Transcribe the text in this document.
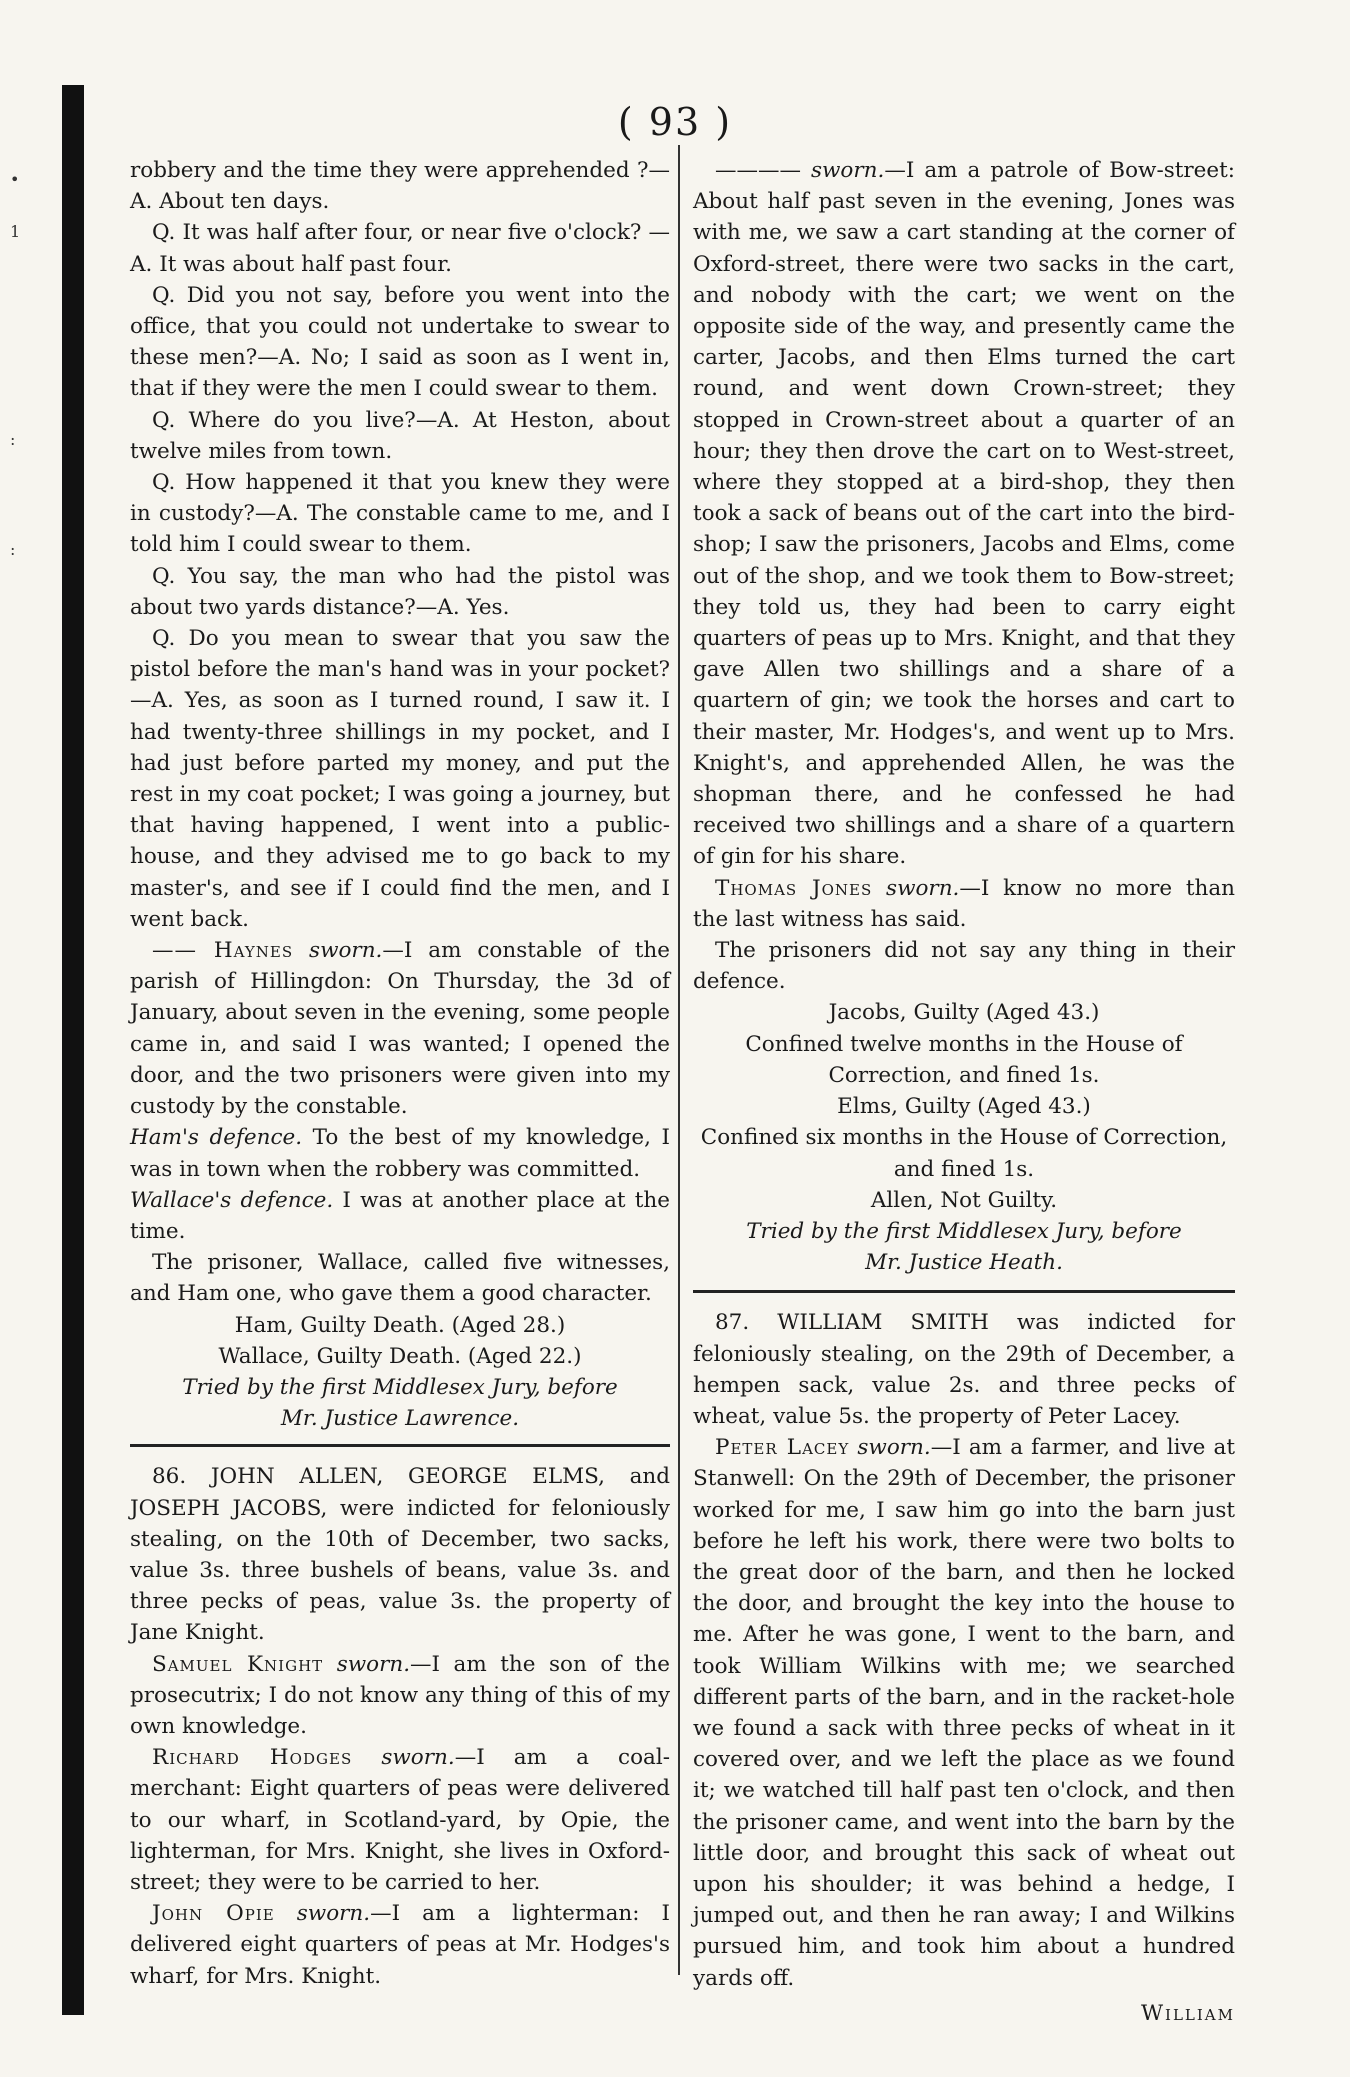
•
1
:
:
( 93 )

robbery and the time they were apprehended ?—A. About ten days.

Q. It was half after four, or near five o'clock? —A. It was about half past four.

Q. Did you not say, before you went into the office, that you could not undertake to swear to these men?—A. No; I said as soon as I went in, that if they were the men I could swear to them.

Q. Where do you live?—A. At Heston, about twelve miles from town.

Q. How happened it that you knew they were in custody?—A. The constable came to me, and I told him I could swear to them.

Q. You say, the man who had the pistol was about two yards distance?—A. Yes.

Q. Do you mean to swear that you saw the pistol before the man's hand was in your pocket?—A. Yes, as soon as I turned round, I saw it. I had twenty-three shillings in my pocket, and I had just before parted my money, and put the rest in my coat pocket; I was going a journey, but that having happened, I went into a public-house, and they advised me to go back to my master's, and see if I could find the men, and I went back.

—— Haynes sworn.—I am constable of the parish of Hillingdon: On Thursday, the 3d of January, about seven in the evening, some people came in, and said I was wanted; I opened the door, and the two prisoners were given into my custody by the constable.

Ham's defence. To the best of my knowledge, I was in town when the robbery was committed.

Wallace's defence. I was at another place at the time.

The prisoner, Wallace, called five witnesses, and Ham one, who gave them a good character.

Ham, Guilty Death. (Aged 28.)

Wallace, Guilty Death. (Aged 22.)

Tried by the first Middlesex Jury, before

Mr. Justice Lawrence.

86. JOHN ALLEN, GEORGE ELMS, and JOSEPH JACOBS, were indicted for feloniously stealing, on the 10th of December, two sacks, value 3s. three bushels of beans, value 3s. and three pecks of peas, value 3s. the property of Jane Knight.

Samuel Knight sworn.—I am the son of the prosecutrix; I do not know any thing of this of my own knowledge.

Richard Hodges sworn.—I am a coal-merchant: Eight quarters of peas were delivered to our wharf, in Scotland-yard, by Opie, the lighterman, for Mrs. Knight, she lives in Oxford-street; they were to be carried to her.

John Opie sworn.—I am a lighterman: I delivered eight quarters of peas at Mr. Hodges's wharf, for Mrs. Knight.

———— sworn.—I am a patrole of Bow-street: About half past seven in the evening, Jones was with me, we saw a cart standing at the corner of Oxford-street, there were two sacks in the cart, and nobody with the cart; we went on the opposite side of the way, and presently came the carter, Jacobs, and then Elms turned the cart round, and went down Crown-street; they stopped in Crown-street about a quarter of an hour; they then drove the cart on to West-street, where they stopped at a bird-shop, they then took a sack of beans out of the cart into the bird-shop; I saw the prisoners, Jacobs and Elms, come out of the shop, and we took them to Bow-street; they told us, they had been to carry eight quarters of peas up to Mrs. Knight, and that they gave Allen two shillings and a share of a quartern of gin; we took the horses and cart to their master, Mr. Hodges's, and went up to Mrs. Knight's, and apprehended Allen, he was the shopman there, and he confessed he had received two shillings and a share of a quartern of gin for his share.

Thomas Jones sworn.—I know no more than the last witness has said.

The prisoners did not say any thing in their defence.

Jacobs, Guilty (Aged 43.)

Confined twelve months in the House of Correction, and fined 1s.

Elms, Guilty (Aged 43.)

Confined six months in the House of Correction, and fined 1s.

Allen, Not Guilty.

Tried by the first Middlesex Jury, before

Mr. Justice Heath.

87. WILLIAM SMITH was indicted for feloniously stealing, on the 29th of December, a hempen sack, value 2s. and three pecks of wheat, value 5s. the property of Peter Lacey.

Peter Lacey sworn.—I am a farmer, and live at Stanwell: On the 29th of December, the prisoner worked for me, I saw him go into the barn just before he left his work, there were two bolts to the great door of the barn, and then he locked the door, and brought the key into the house to me. After he was gone, I went to the barn, and took William Wilkins with me; we searched different parts of the barn, and in the racket-hole we found a sack with three pecks of wheat in it covered over, and we left the place as we found it; we watched till half past ten o'clock, and then the prisoner came, and went into the barn by the little door, and brought this sack of wheat out upon his shoulder; it was behind a hedge, I jumped out, and then he ran away; I and Wilkins pursued him, and took him about a hundred yards off.

William
